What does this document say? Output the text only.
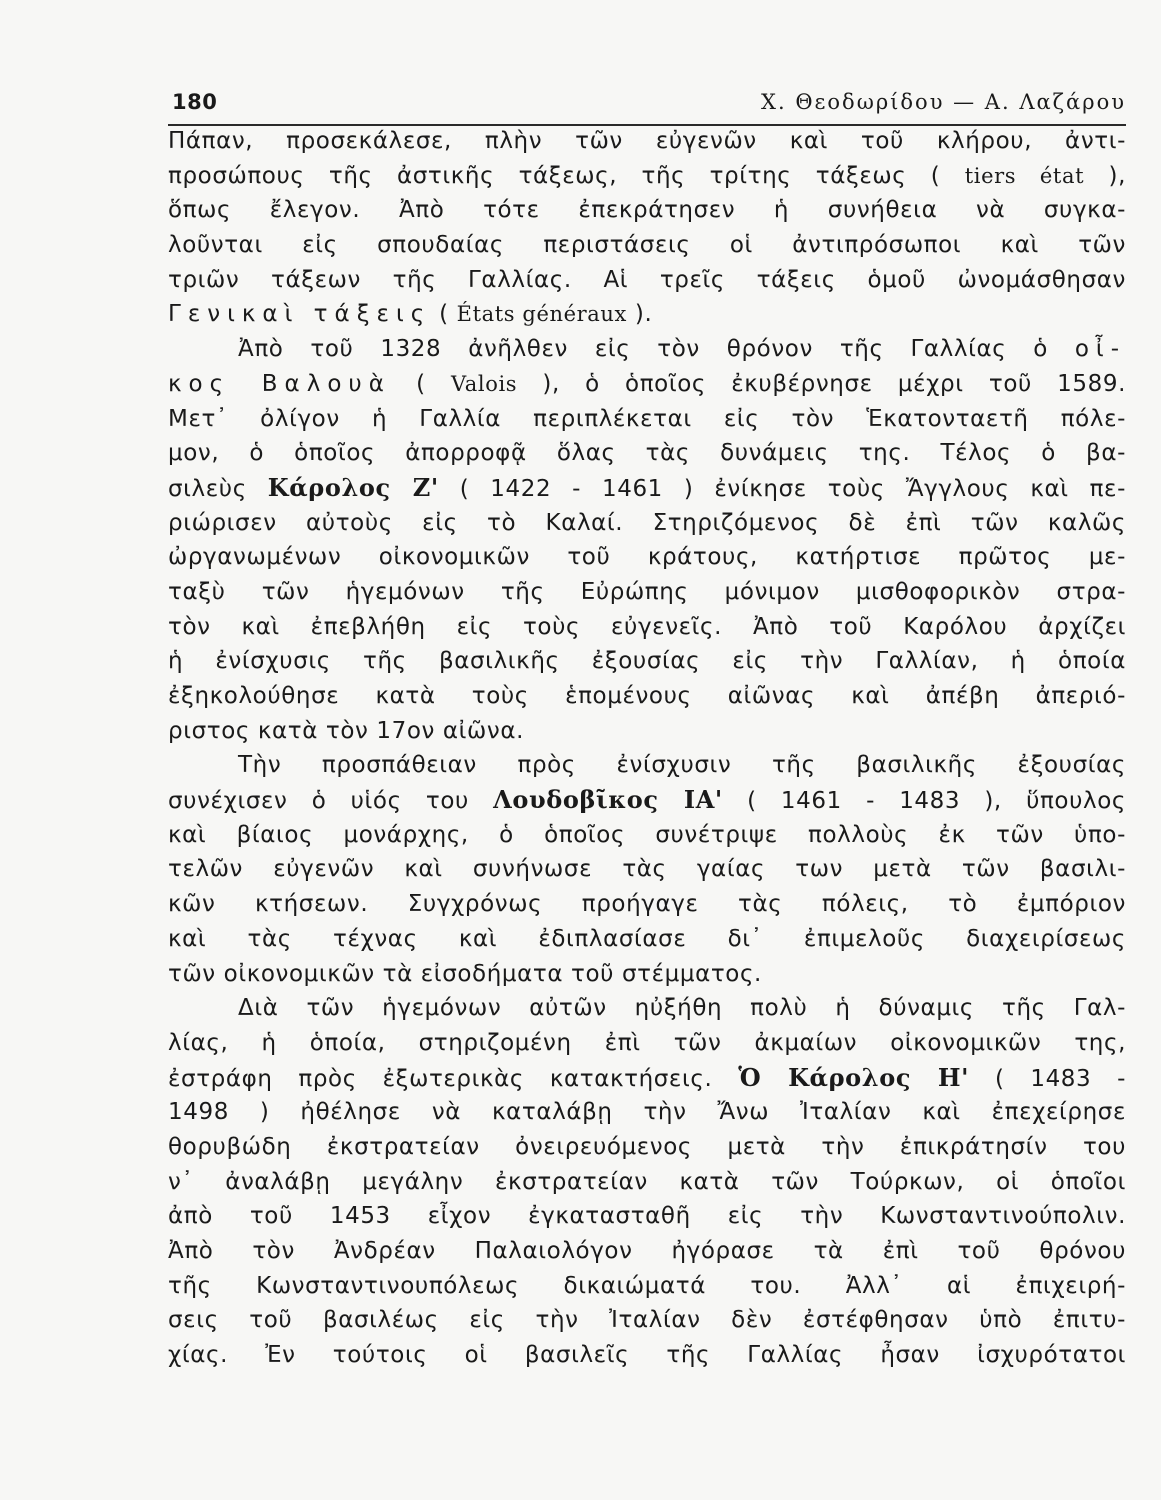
180	Χ. Θεοδωρίδου — Α. Λαζάρου
Πάπαν, προσεκάλεσε, πλὴν τῶν εὐγενῶν καὶ τοῦ κλήρου, ἀντι-
προσώπους τῆς ἀστικῆς τάξεως, τῆς τρίτης τάξεως ( tiers état ),
ὅπως ἔλεγον. Ἀπὸ τότε ἐπεκράτησεν ἡ συνήθεια νὰ συγκα-
λοῦνται εἰς σπουδαίας περιστάσεις οἱ ἀντιπρόσωποι καὶ τῶν
τριῶν τάξεων τῆς Γαλλίας. Αἱ τρεῖς τάξεις ὁμοῦ ὠνομάσθησαν
Γενικαὶ τάξεις ( États généraux ).
Ἀπὸ τοῦ 1328 ἀνῆλθεν εἰς τὸν θρόνον τῆς Γαλλίας ὁ οἶ-
κος Βαλουὰ ( Valois ), ὁ ὁποῖος ἐκυβέρνησε μέχρι τοῦ 1589.
Μετ᾿ ὀλίγον ἡ Γαλλία περιπλέκεται εἰς τὸν Ἑκατονταετῆ πόλε-
μον, ὁ ὁποῖος ἀπορροφᾷ ὅλας τὰς δυνάμεις της. Τέλος ὁ βα-
σιλεὺς Κάρολος Ζ' ( 1422 - 1461 ) ἐνίκησε τοὺς Ἄγγλους καὶ πε-
ριώρισεν αὐτοὺς εἰς τὸ Καλαί. Στηριζόμενος δὲ ἐπὶ τῶν καλῶς
ὠργανωμένων οἰκονομικῶν τοῦ κράτους, κατήρτισε πρῶτος με-
ταξὺ τῶν ἡγεμόνων τῆς Εὐρώπης μόνιμον μισθοφορικὸν στρα-
τὸν καὶ ἐπεβλήθη εἰς τοὺς εὐγενεῖς. Ἀπὸ τοῦ Καρόλου ἀρχίζει
ἡ ἐνίσχυσις τῆς βασιλικῆς ἐξουσίας εἰς τὴν Γαλλίαν, ἡ ὁποία
ἐξηκολούθησε κατὰ τοὺς ἑπομένους αἰῶνας καὶ ἀπέβη ἀπεριό-
ριστος κατὰ τὸν 17ον αἰῶνα.
Τὴν προσπάθειαν πρὸς ἐνίσχυσιν τῆς βασιλικῆς ἐξουσίας
συνέχισεν ὁ υἱός του Λουδοβῖκος ΙΑ' ( 1461 - 1483 ), ὕπουλος
καὶ βίαιος μονάρχης, ὁ ὁποῖος συνέτριψε πολλοὺς ἐκ τῶν ὑπο-
τελῶν εὐγενῶν καὶ συνήνωσε τὰς γαίας των μετὰ τῶν βασιλι-
κῶν κτήσεων. Συγχρόνως προήγαγε τὰς πόλεις, τὸ ἐμπόριον
καὶ τὰς τέχνας καὶ ἐδιπλασίασε δι᾿ ἐπιμελοῦς διαχειρίσεως
τῶν οἰκονομικῶν τὰ εἰσοδήματα τοῦ στέμματος.
Διὰ τῶν ἡγεμόνων αὐτῶν ηὐξήθη πολὺ ἡ δύναμις τῆς Γαλ-
λίας, ἡ ὁποία, στηριζομένη ἐπὶ τῶν ἀκμαίων οἰκονομικῶν της,
ἐστράφη πρὸς ἐξωτερικὰς κατακτήσεις. Ὁ Κάρολος Η' ( 1483 -
1498 ) ἠθέλησε νὰ καταλάβῃ τὴν Ἄνω Ἰταλίαν καὶ ἐπεχείρησε
θορυβώδη ἐκστρατείαν ὀνειρευόμενος μετὰ τὴν ἐπικράτησίν του
ν᾿ ἀναλάβῃ μεγάλην ἐκστρατείαν κατὰ τῶν Τούρκων, οἱ ὁποῖοι
ἀπὸ τοῦ 1453 εἶχον ἐγκατασταθῆ εἰς τὴν Κωνσταντινούπολιν.
Ἀπὸ τὸν Ἀνδρέαν Παλαιολόγον ἠγόρασε τὰ ἐπὶ τοῦ θρόνου
τῆς Κωνσταντινουπόλεως δικαιώματά του. Ἀλλ᾿ αἱ ἐπιχειρή-
σεις τοῦ βασιλέως εἰς τὴν Ἰταλίαν δὲν ἐστέφθησαν ὑπὸ ἐπιτυ-
χίας. Ἐν τούτοις οἱ βασιλεῖς τῆς Γαλλίας ἦσαν ἰσχυρότατοι
